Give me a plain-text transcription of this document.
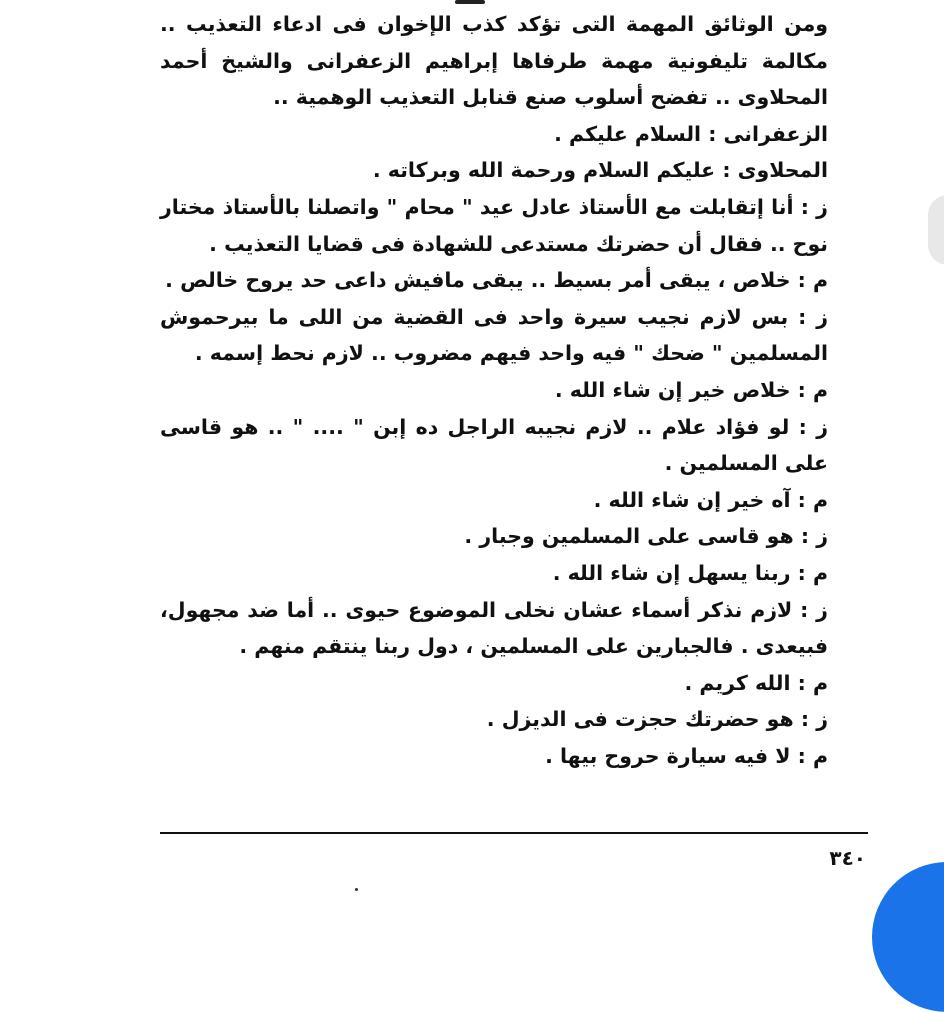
ومن الوثائق المهمة التى تؤكد كذب الإخوان فى ادعاء التعذيب .. مكالمة تليفونية مهمة طرفاها إبراهيم الزعفرانى والشيخ أحمد المحلاوى .. تفضح أسلوب صنع قنابل التعذيب الوهمية ..

الزعفرانى : السلام عليكم .

المحلاوى : عليكم السلام ورحمة الله وبركاته .

ز : أنا إتقابلت مع الأستاذ عادل عيد " محام " واتصلنا بالأستاذ مختار نوح .. فقال أن حضرتك مستدعى للشهادة فى قضايا التعذيب .

م : خلاص ، يبقى أمر بسيط .. يبقى مافيش داعى حد يروح خالص .

ز : بس لازم نجيب سيرة واحد فى القضية من اللى ما بيرحموش المسلمين " ضحك " فيه واحد فيهم مضروب .. لازم نحط إسمه .

م : خلاص خير إن شاء الله .

ز : لو فؤاد علام .. لازم نجيبه الراجل ده إبن " .... " .. هو قاسى على المسلمين .

م : آه خير إن شاء الله .

ز : هو قاسى على المسلمين وجبار .

م : ربنا يسهل إن شاء الله .

ز : لازم نذكر أسماء عشان نخلى الموضوع حيوى .. أما ضد مجهول، فبيعدى . فالجبارين على المسلمين ، دول ربنا ينتقم منهم .

م : الله كريم .

ز : هو حضرتك حجزت فى الديزل .

م : لا فيه سيارة حروح بيها .

٣٤٠
